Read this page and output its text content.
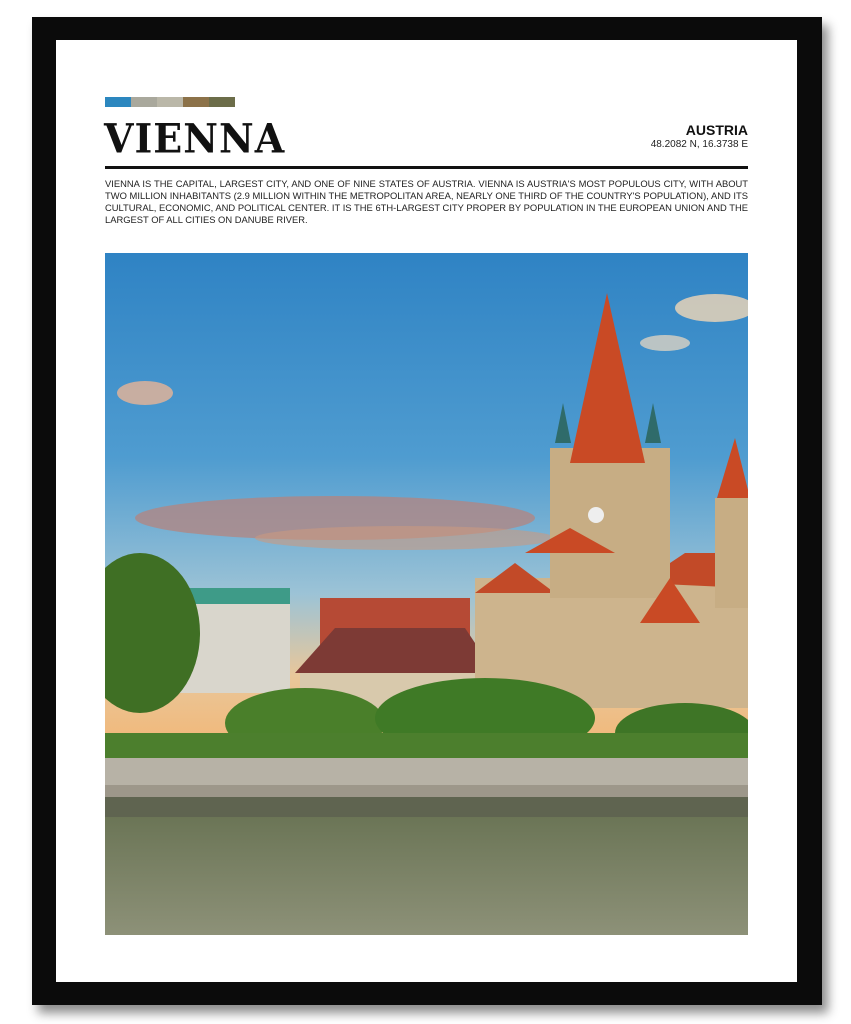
VIENNA	AUSTRIA
48.2082 N, 16.3738 E
VIENNA IS THE CAPITAL, LARGEST CITY, AND ONE OF NINE STATES OF AUSTRIA. VIENNA IS AUSTRIA'S MOST POPULOUS CITY, WITH ABOUT TWO MILLION INHABITANTS (2.9 MILLION WITHIN THE METROPOLITAN AREA, NEARLY ONE THIRD OF THE COUNTRY'S POPULATION), AND ITS CULTURAL, ECONOMIC, AND POLITICAL CENTER. IT IS THE 6TH-LARGEST CITY PROPER BY POPULATION IN THE EUROPEAN UNION AND THE LARGEST OF ALL CITIES ON DANUBE RIVER.
